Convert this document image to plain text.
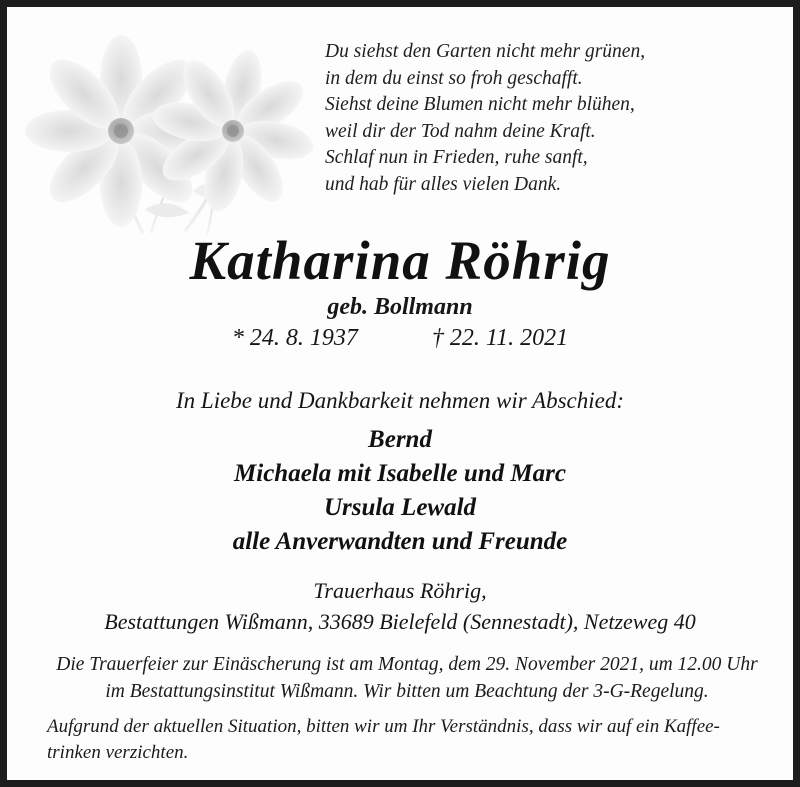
Du siehst den Garten nicht mehr grünen,
in dem du einst so froh geschafft.
Siehst deine Blumen nicht mehr blühen,
weil dir der Tod nahm deine Kraft.
Schlaf nun in Frieden, ruhe sanft,
und hab für alles vielen Dank.
Katharina Röhrig
geb. Bollmann
* 24. 8. 1937	† 22. 11. 2021
In Liebe und Dankbarkeit nehmen wir Abschied:
Bernd
Michaela mit Isabelle und Marc
Ursula Lewald
alle Anverwandten und Freunde
Trauerhaus Röhrig,
Bestattungen Wißmann, 33689 Bielefeld (Sennestadt), Netzeweg 40
Die Trauerfeier zur Einäscherung ist am Montag, dem 29. November 2021, um 12.00 Uhr
im Bestattungsinstitut Wißmann. Wir bitten um Beachtung der 3-G-Regelung.
Aufgrund der aktuellen Situation, bitten wir um Ihr Verständnis, dass wir auf ein Kaffee-trinken verzichten.
